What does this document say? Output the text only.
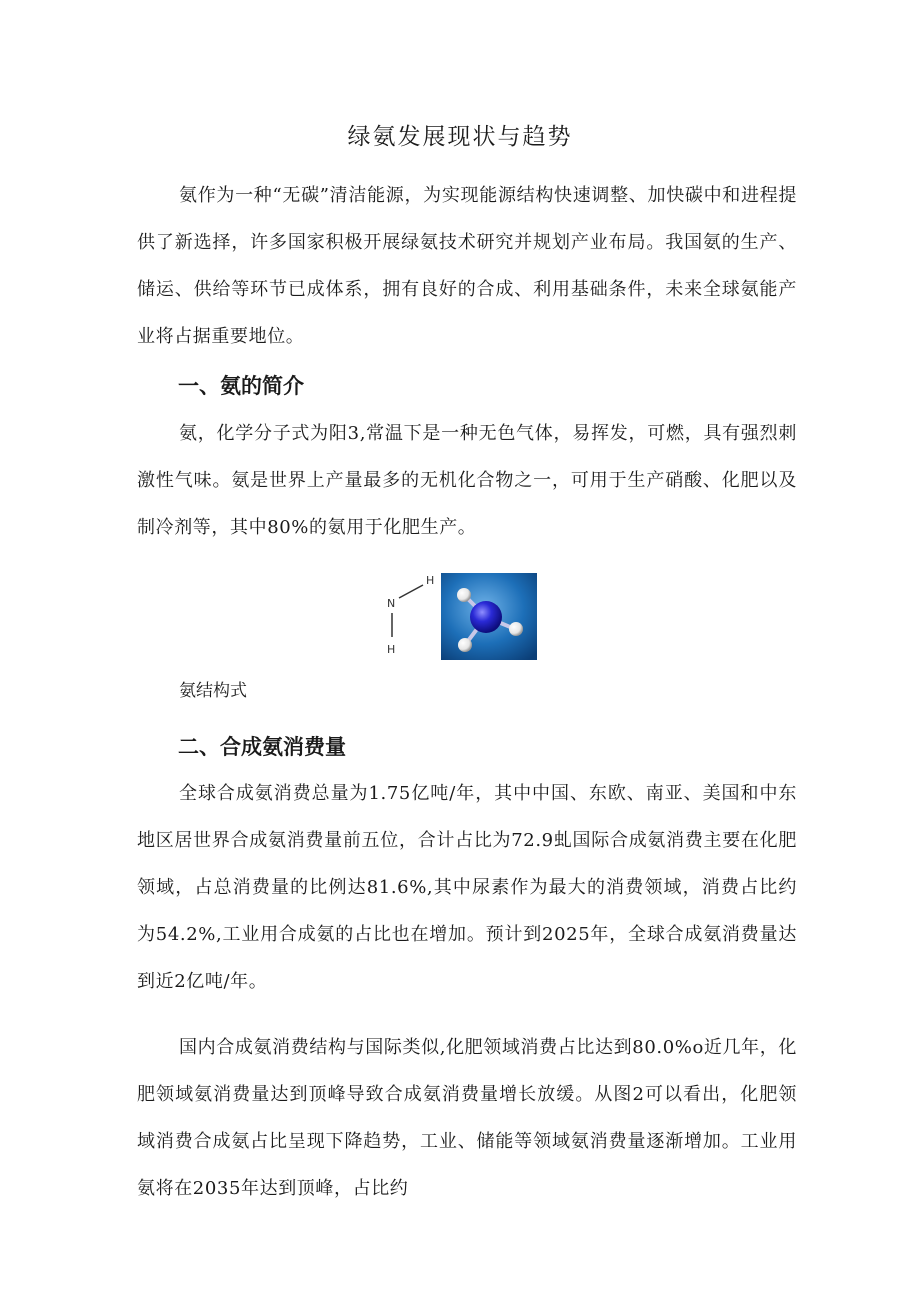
绿氨发展现状与趋势

氨作为一种“无碳”清洁能源，为实现能源结构快速调整、加快碳中和进程提供了新选择，许多国家积极开展绿氨技术研究并规划产业布局。我国氨的生产、储运、供给等环节已成体系，拥有良好的合成、利用基础条件，未来全球氨能产业将占据重要地位。

一、氨的简介

氨，化学分子式为阳3,常温下是一种无色气体，易挥发，可燃，具有强烈刺激性气味。氨是世界上产量最多的无机化合物之一，可用于生产硝酸、化肥以及制冷剂等，其中80%的氨用于化肥生产。

H
N
H

氨结构式

二、合成氨消费量

全球合成氨消费总量为1.75亿吨/年，其中中国、东欧、南亚、美国和中东地区居世界合成氨消费量前五位，合计占比为72.9虬国际合成氨消费主要在化肥领域，占总消费量的比例达81.6%,其中尿素作为最大的消费领域，消费占比约为54.2%,工业用合成氨的占比也在增加。预计到2025年，全球合成氨消费量达到近2亿吨/年。

国内合成氨消费结构与国际类似,化肥领域消费占比达到80.0%o近几年，化肥领域氨消费量达到顶峰导致合成氨消费量增长放缓。从图2可以看出，化肥领域消费合成氨占比呈现下降趋势，工业、储能等领域氨消费量逐渐增加。工业用氨将在2035年达到顶峰，占比约
